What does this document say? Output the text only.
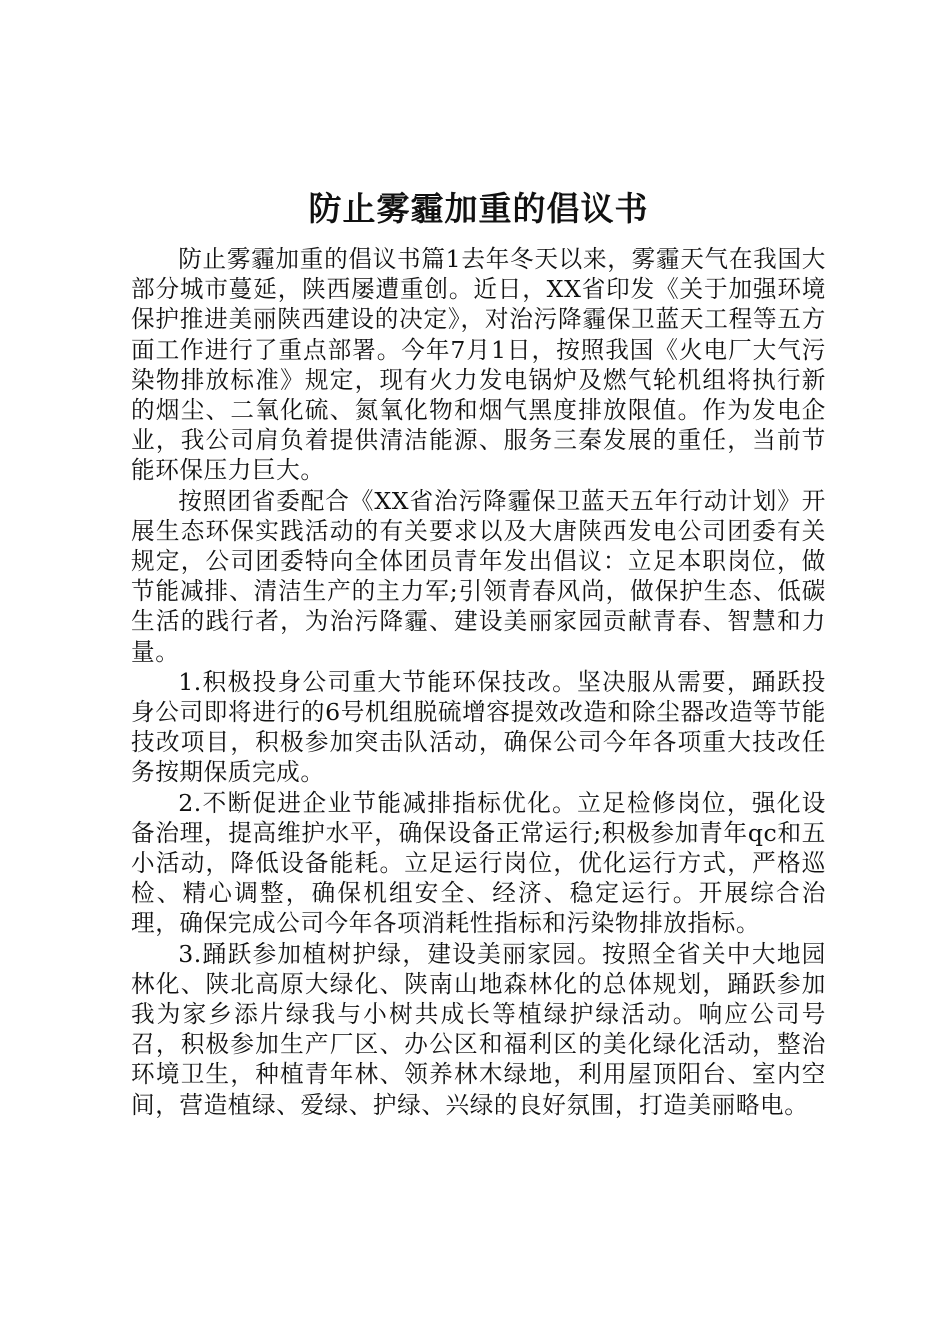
防止雾霾加重的倡议书

防止雾霾加重的倡议书篇1去年冬天以来，雾霾天气在我国大部分城市蔓延，陕西屡遭重创。近日，XX省印发《关于加强环境保护推进美丽陕西建设的决定》，对治污降霾保卫蓝天工程等五方面工作进行了重点部署。今年7月1日，按照我国《火电厂大气污染物排放标准》规定，现有火力发电锅炉及燃气轮机组将执行新的烟尘、二氧化硫、氮氧化物和烟气黑度排放限值。作为发电企业，我公司肩负着提供清洁能源、服务三秦发展的重任，当前节能环保压力巨大。

按照团省委配合《XX省治污降霾保卫蓝天五年行动计划》开展生态环保实践活动的有关要求以及大唐陕西发电公司团委有关规定，公司团委特向全体团员青年发出倡议：立足本职岗位，做节能减排、清洁生产的主力军;引领青春风尚，做保护生态、低碳生活的践行者，为治污降霾、建设美丽家园贡献青春、智慧和力量。

1.积极投身公司重大节能环保技改。坚决服从需要，踊跃投身公司即将进行的6号机组脱硫增容提效改造和除尘器改造等节能技改项目，积极参加突击队活动，确保公司今年各项重大技改任务按期保质完成。

2.不断促进企业节能减排指标优化。立足检修岗位，强化设备治理，提高维护水平，确保设备正常运行;积极参加青年qc和五小活动，降低设备能耗。立足运行岗位，优化运行方式，严格巡检、精心调整，确保机组安全、经济、稳定运行。开展综合治理，确保完成公司今年各项消耗性指标和污染物排放指标。

3.踊跃参加植树护绿，建设美丽家园。按照全省关中大地园林化、陕北高原大绿化、陕南山地森林化的总体规划，踊跃参加我为家乡添片绿我与小树共成长等植绿护绿活动。响应公司号召，积极参加生产厂区、办公区和福利区的美化绿化活动，整治环境卫生，种植青年林、领养林木绿地，利用屋顶阳台、室内空间，营造植绿、爱绿、护绿、兴绿的良好氛围，打造美丽略电。
